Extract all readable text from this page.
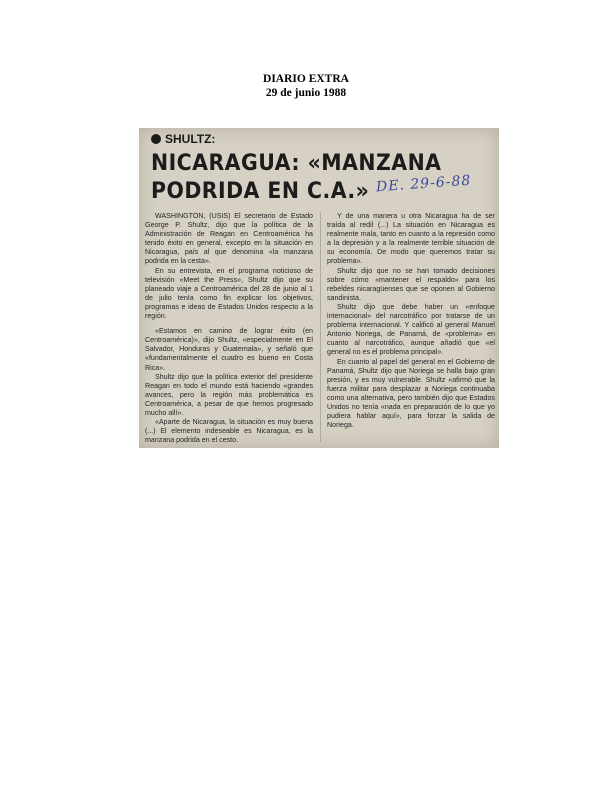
DIARIO EXTRA
29 de junio 1988
SHULTZ:
NICARAGUA: «MANZANA
PODRIDA EN C.A.» DE. 29-6-88

WASHINGTON, (USIS) El secretario de Estado George P. Shultz, dijo que la política de la Administración de Reagan en Centroamérica ha tenido éxito en general, excepto en la situación en Nicaragua, país al que denomina «la manzana podrida en la cesta».

En su entrevista, en el programa noticioso de televisión «Meet the Press», Shultz dijo que su planeado viaje a Centroamérica del 28 de junio al 1 de julio tenía como fin explicar los objetivos, programas e ideas de Estados Unidos respecto a la región.

«Estamos en camino de lograr éxito (en Centroamérica)», dijo Shultz, «especialmente en El Salvador, Honduras y Guatemala», y señaló que «fundamentalmente el cuadro es bueno en Costa Rica».

Shultz dijo que la política exterior del presidente Reagan en todo el mundo está haciendo «grandes avances, pero la región más problemática es Centroamérica, a pesar de que hemos progresado mucho allí».

«Aparte de Nicaragua, la situación es muy buena (...) El elemento indeseable es Nicaragua, es la manzana podrida en el cesto.

Y de una manera u otra Nicaragua ha de ser traída al redil (...) La situación en Nicaragua es realmente mala, tanto en cuanto a la represión como a la depresión y a la realmente terrible situación de su economía. De modo que queremos tratar su problema».

Shultz dijo que no se han tomado decisiones sobre cómo «mantener el respaldo» para los rebeldes nicaragüenses que se oponen al Gobierno sandinista.

Shultz dijo que debe haber un «enfoque internacional» del narcotráfico por tratarse de un problema internacional. Y calificó al general Manuel Antonio Noriega, de Panamá, de «problema» en cuanto al narcotráfico, aunque añadió que «el general no es el problema principal».

En cuanto al papel del general en el Gobierno de Panamá, Shultz dijo que Noriega se halla bajo gran presión, y es muy vulnerable. Shultz «afirmó que la fuerza militar para desplazar a Noriega continuaba como una alternativa, pero también dijo que Estados Unidos no tenía «nada en preparación de lo que yo pudiera hablar aquí», para forzar la salida de Noriega.
